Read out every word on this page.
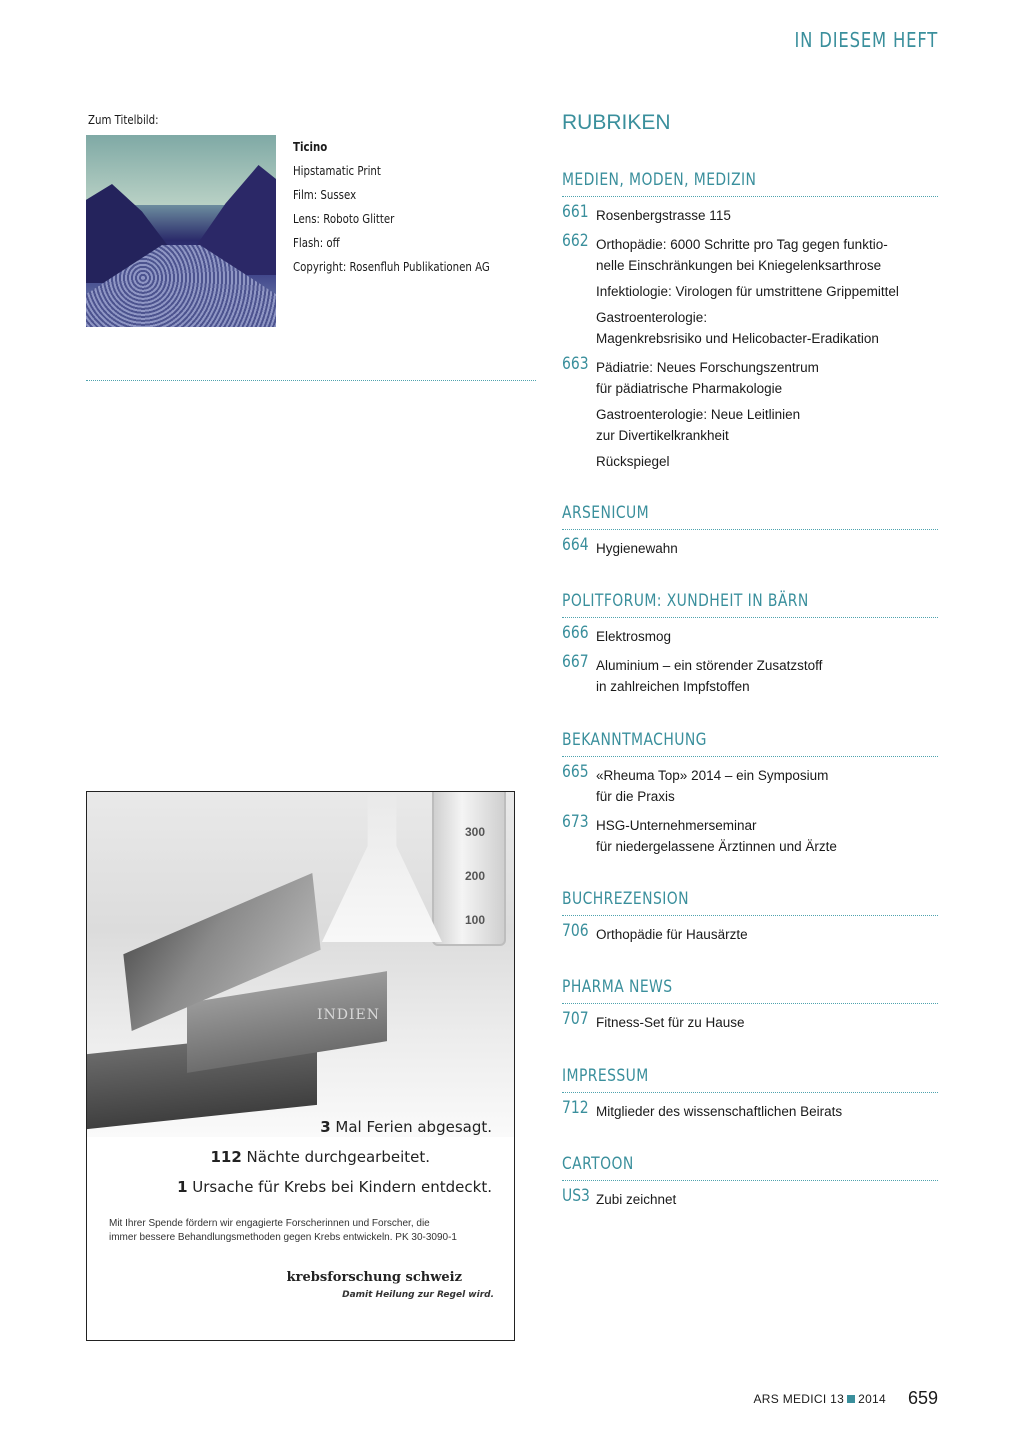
IN DIESEM HEFT
Zum Titelbild:
Ticino
Hipstamatic Print
Film: Sussex
Lens: Roboto Glitter
Flash: off
Copyright: Rosenfluh Publikationen AG
300
200
100
INDIEN
3 Mal Ferien abgesagt.
112 Nächte durchgearbeitet.
1 Ursache für Krebs bei Kindern entdeckt.
Mit Ihrer Spende fördern wir engagierte Forscherinnen und Forscher, die
immer bessere Behandlungsmethoden gegen Krebs entwickeln. PK 30-3090-1
krebsforschung schweiz
Damit Heilung zur Regel wird.
RUBRIKEN
MEDIEN, MODEN, MEDIZIN
661 Rosenbergstrasse 115
662 Orthopädie: 6000 Schritte pro Tag gegen funktio-
nelle Einschränkungen bei Kniegelenksarthrose
Infektiologie: Virologen für umstrittene Grippemittel
Gastroenterologie:
Magenkrebsrisiko und Helicobacter-Eradikation
663 Pädiatrie: Neues Forschungszentrum
für pädiatrische Pharmakologie
Gastroenterologie: Neue Leitlinien
zur Divertikelkrankheit
Rückspiegel
ARSENICUM
664 Hygienewahn
POLITFORUM: XUNDHEIT IN BÄRN
666 Elektrosmog
667 Aluminium – ein störender Zusatzstoff
in zahlreichen Impfstoffen
BEKANNTMACHUNG
665 «Rheuma Top» 2014 – ein Symposium
für die Praxis
673 HSG-Unternehmerseminar
für niedergelassene Ärztinnen und Ärzte
BUCHREZENSION
706 Orthopädie für Hausärzte
PHARMA NEWS
707 Fitness-Set für zu Hause
IMPRESSUM
712 Mitglieder des wissenschaftlichen Beirats
CARTOON
US3 Zubi zeichnet
ARS MEDICI 13 2014	659
